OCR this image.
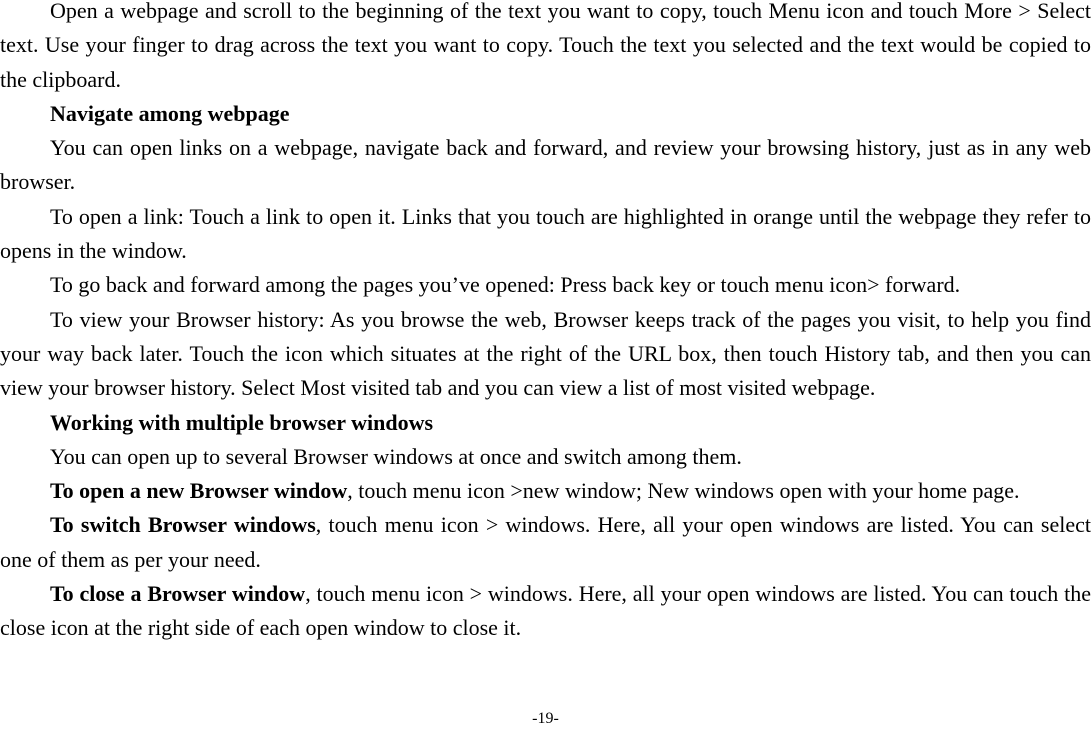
Open a webpage and scroll to the beginning of the text you want to copy, touch Menu icon and touch More > Select text. Use your finger to drag across the text you want to copy. Touch the text you selected and the text would be copied to the clipboard.

Navigate among webpage

You can open links on a webpage, navigate back and forward, and review your browsing history, just as in any web browser.

To open a link: Touch a link to open it. Links that you touch are highlighted in orange until the webpage they refer to opens in the window.

To go back and forward among the pages you’ve opened: Press back key or touch menu icon> forward.

To view your Browser history: As you browse the web, Browser keeps track of the pages you visit, to help you find your way back later. Touch the icon which situates at the right of the URL box, then touch History tab, and then you can view your browser history. Select Most visited tab and you can view a list of most visited webpage.

Working with multiple browser windows

You can open up to several Browser windows at once and switch among them.

To open a new Browser window, touch menu icon >new window; New windows open with your home page.

To switch Browser windows, touch menu icon > windows. Here, all your open windows are listed. You can select one of them as per your need.

To close a Browser window, touch menu icon > windows. Here, all your open windows are listed. You can touch the close icon at the right side of each open window to close it.

-19-
